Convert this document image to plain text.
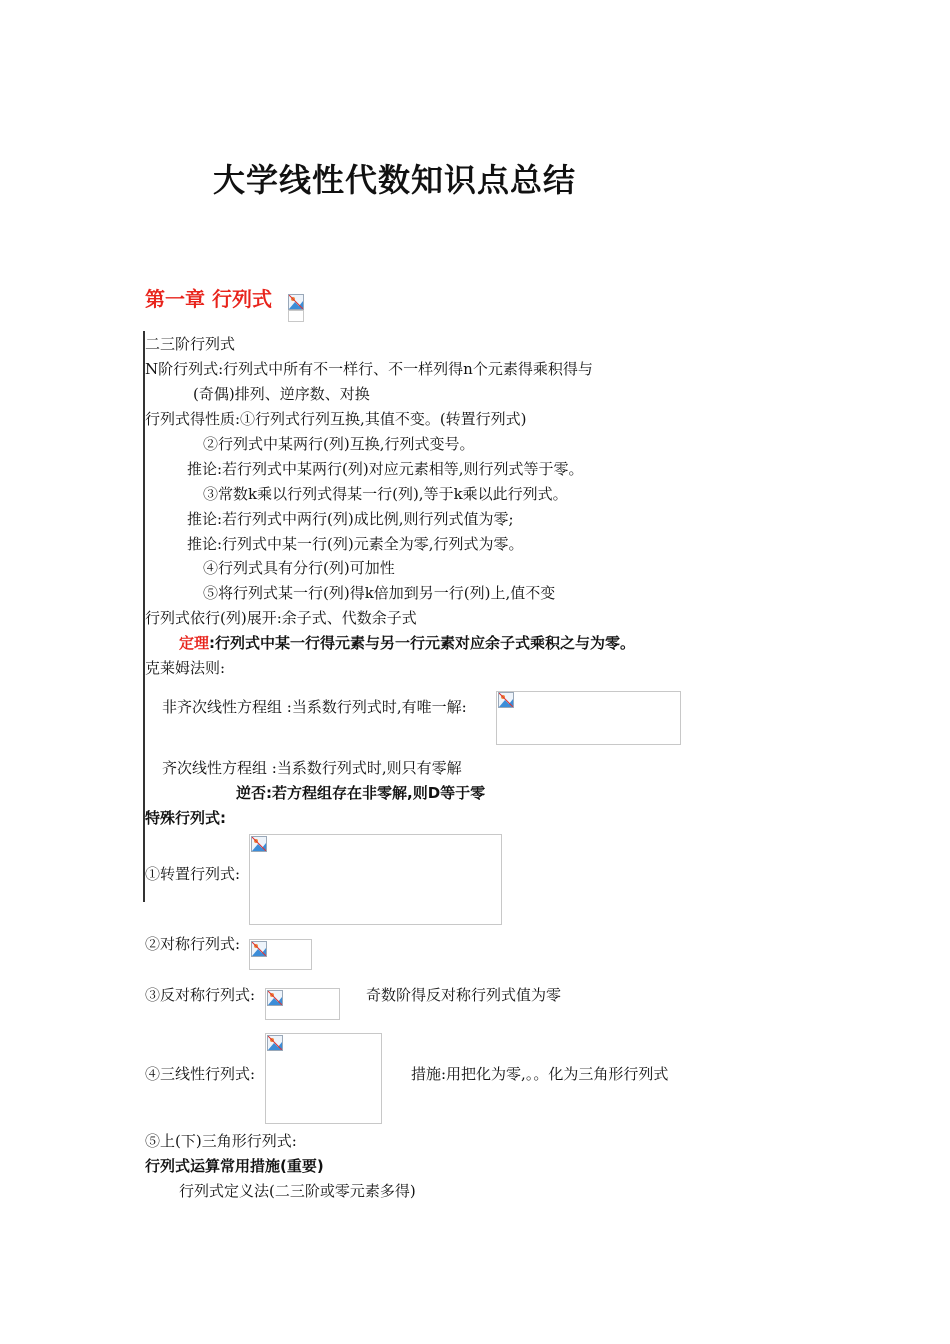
大学线性代数知识点总结
第一章 行列式
二三阶行列式
N阶行列式:行列式中所有不一样行、不一样列得n个元素得乘积得与
(奇偶)排列、逆序数、对换
行列式得性质:①行列式行列互换,其值不变。(转置行列式)
②行列式中某两行(列)互换,行列式变号。
推论:若行列式中某两行(列)对应元素相等,则行列式等于零。
③常数k乘以行列式得某一行(列),等于k乘以此行列式。
推论:若行列式中两行(列)成比例,则行列式值为零;
推论:行列式中某一行(列)元素全为零,行列式为零。
④行列式具有分行(列)可加性
⑤将行列式某一行(列)得k倍加到另一行(列)上,值不变
行列式依行(列)展开:余子式、代数余子式
定理:行列式中某一行得元素与另一行元素对应余子式乘积之与为零。
克莱姆法则:
非齐次线性方程组 :当系数行列式时,有唯一解:
齐次线性方程组 :当系数行列式时,则只有零解
逆否:若方程组存在非零解,则D等于零
特殊行列式:
①转置行列式:
②对称行列式:
③反对称行列式:	奇数阶得反对称行列式值为零
④三线性行列式:	措施:用把化为零,。。化为三角形行列式
⑤上(下)三角形行列式:
行列式运算常用措施(重要)
行列式定义法(二三阶或零元素多得)
